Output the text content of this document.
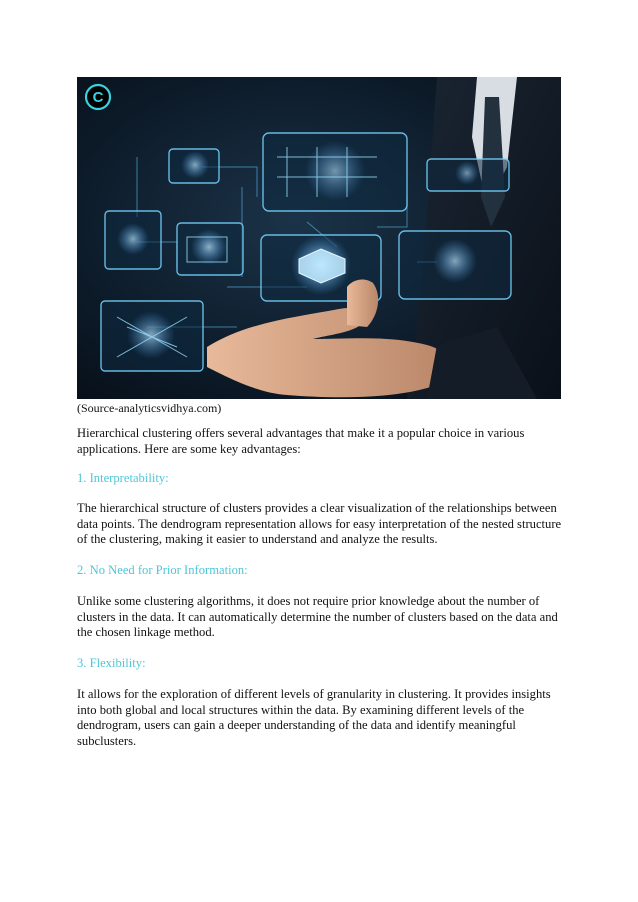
C
(Source-analyticsvidhya.com)

Hierarchical clustering offers several advantages that make it a popular choice in various applications. Here are some key advantages:

1. Interpretability:

The hierarchical structure of clusters provides a clear visualization of the relationships between data points. The dendrogram representation allows for easy interpretation of the nested structure of the clustering, making it easier to understand and analyze the results.

2. No Need for Prior Information:

Unlike some clustering algorithms, it does not require prior knowledge about the number of clusters in the data. It can automatically determine the number of clusters based on the data and the chosen linkage method.

3. Flexibility:

It allows for the exploration of different levels of granularity in clustering. It provides insights into both global and local structures within the data. By examining different levels of the dendrogram, users can gain a deeper understanding of the data and identify meaningful subclusters.
